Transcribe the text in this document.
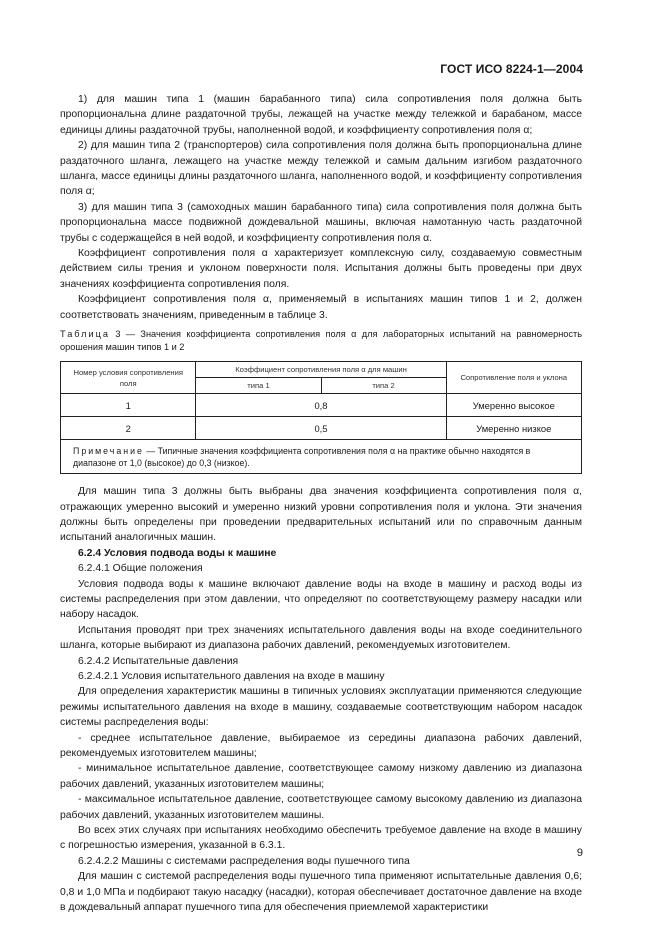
ГОСТ ИСО 8224-1—2004

1) для машин типа 1 (машин барабанного типа) сила сопротивления поля должна быть пропорциональна длине раздаточной трубы, лежащей на участке между тележкой и барабаном, массе единицы длины раздаточной трубы, наполненной водой, и коэффициенту сопротивления поля α;

2) для машин типа 2 (транспортеров) сила сопротивления поля должна быть пропорциональна длине раздаточного шланга, лежащего на участке между тележкой и самым дальним изгибом раздаточного шланга, массе единицы длины раздаточного шланга, наполненного водой, и коэффициенту сопротивления поля α;

3) для машин типа 3 (самоходных машин барабанного типа) сила сопротивления поля должна быть пропорциональна массе подвижной дождевальной машины, включая намотанную часть раздаточной трубы с содержащейся в ней водой, и коэффициенту сопротивления поля α.

Коэффициент сопротивления поля α характеризует комплексную силу, создаваемую совместным действием силы трения и уклоном поверхности поля. Испытания должны быть проведены при двух значениях коэффициента сопротивления поля.

Коэффициент сопротивления поля α, применяемый в испытаниях машин типов 1 и 2, должен соответствовать значениям, приведенным в таблице 3.

Таблица 3 — Значения коэффициента сопротивления поля α для лабораторных испытаний на равномерность орошения машин типов 1 и 2
Номер условия сопротивления поля	Коэффициент сопротивления поля α для машин		Сопротивление поля и уклона
	типа 1	типа 2	
1	0,8		Умеренно высокое
2	0,5		Умеренно низкое
Примечание — Типичные значения коэффициента сопротивления поля α на практике обычно находятся в диапазоне от 1,0 (высокое) до 0,3 (низкое).			

Для машин типа 3 должны быть выбраны два значения коэффициента сопротивления поля α, отражающих умеренно высокий и умеренно низкий уровни сопротивления поля и уклона. Эти значения должны быть определены при проведении предварительных испытаний или по справочным данным испытаний аналогичных машин.

6.2.4 Условия подвода воды к машине

6.2.4.1 Общие положения

Условия подвода воды к машине включают давление воды на входе в машину и расход воды из системы распределения при этом давлении, что определяют по соответствующему размеру насадки или набору насадок.

Испытания проводят при трех значениях испытательного давления воды на входе соединительного шланга, которые выбирают из диапазона рабочих давлений, рекомендуемых изготовителем.

6.2.4.2 Испытательные давления

6.2.4.2.1 Условия испытательного давления на входе в машину

Для определения характеристик машины в типичных условиях эксплуатации применяются следующие режимы испытательного давления на входе в машину, создаваемые соответствующим набором насадок системы распределения воды:

- среднее испытательное давление, выбираемое из середины диапазона рабочих давлений, рекомендуемых изготовителем машины;

- минимальное испытательное давление, соответствующее самому низкому давлению из диапазона рабочих давлений, указанных изготовителем машины;

- максимальное испытательное давление, соответствующее самому высокому давлению из диапазона рабочих давлений, указанных изготовителем машины.

Во всех этих случаях при испытаниях необходимо обеспечить требуемое давление на входе в машину с погрешностью измерения, указанной в 6.3.1.

6.2.4.2.2 Машины с системами распределения воды пушечного типа

Для машин с системой распределения воды пушечного типа применяют испытательные давления 0,6; 0,8 и 1,0 МПа и подбирают такую насадку (насадки), которая обеспечивает достаточное давление на входе в дождевальный аппарат пушечного типа для обеспечения приемлемой характеристики

9
